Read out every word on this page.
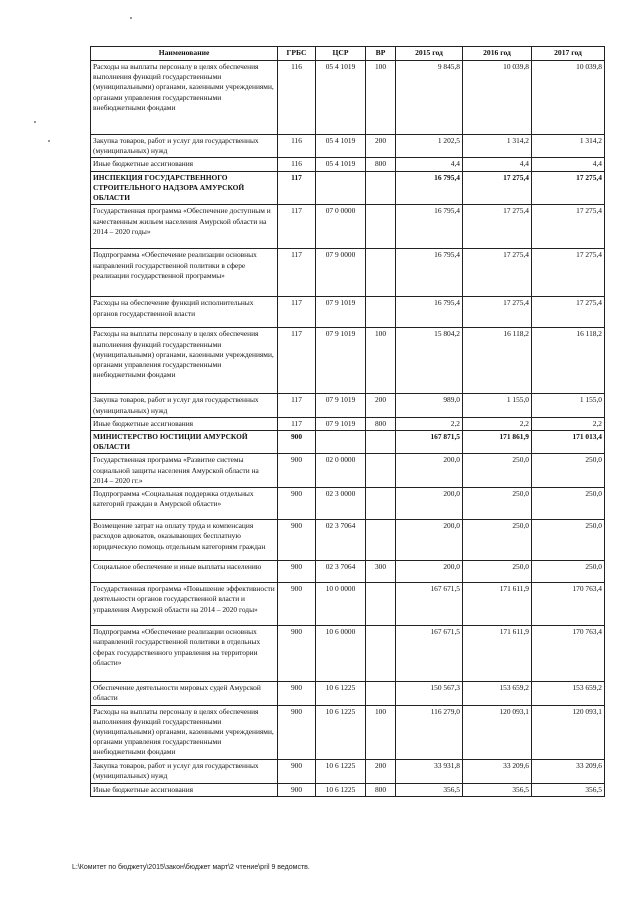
Наименование	ГРБС	ЦСР	ВР	2015 год	2016 год	2017 год
Расходы на выплаты персоналу в целях обеспечения выполнения функций государственными (муниципальными) органами, казенными учреждениями, органами управления государственными внебюджетными фондами	116	05 4 1019	100	9 845,8	10 039,8	10 039,8
Закупка товаров, работ и услуг для государственных (муниципальных) нужд	116	05 4 1019	200	1 202,5	1 314,2	1 314,2
Иные бюджетные ассигнования	116	05 4 1019	800	4,4	4,4	4,4
ИНСПЕКЦИЯ ГОСУДАРСТВЕННОГО СТРОИТЕЛЬНОГО НАДЗОРА АМУРСКОЙ ОБЛАСТИ	117			16 795,4	17 275,4	17 275,4
Государственная программа «Обеспечение доступным и качественным жильем населения Амурской области на 2014 – 2020 годы»	117	07 0 0000		16 795,4	17 275,4	17 275,4
Подпрограмма «Обеспечение реализации основных направлений государственной политики в сфере реализации государственной программы»	117	07 9 0000		16 795,4	17 275,4	17 275,4
Расходы на обеспечение функций исполнительных органов государственной власти	117	07 9 1019		16 795,4	17 275,4	17 275,4
Расходы на выплаты персоналу в целях обеспечения выполнения функций государственными (муниципальными) органами, казенными учреждениями, органами управления государственными внебюджетными фондами	117	07 9 1019	100	15 804,2	16 118,2	16 118,2
Закупка товаров, работ и услуг для государственных (муниципальных) нужд	117	07 9 1019	200	989,0	1 155,0	1 155,0
Иные бюджетные ассигнования	117	07 9 1019	800	2,2	2,2	2,2
МИНИСТЕРСТВО ЮСТИЦИИ АМУРСКОЙ ОБЛАСТИ	900			167 871,5	171 861,9	171 013,4
Государственная программа «Развитие системы социальной защиты населения Амурской области на 2014 – 2020 гг.»	900	02 0 0000		200,0	250,0	250,0
Подпрограмма «Социальная поддержка отдельных категорий граждан в Амурской области»	900	02 3 0000		200,0	250,0	250,0
Возмещение затрат на оплату труда и компенсация расходов адвокатов, оказывающих бесплатную юридическую помощь отдельным категориям граждан	900	02 3 7064		200,0	250,0	250,0
Социальное обеспечение и иные выплаты населению	900	02 3 7064	300	200,0	250,0	250,0
Государственная программа «Повышение эффективности деятельности органов государственной власти и управления Амурской области на 2014 – 2020 годы»	900	10 0 0000		167 671,5	171 611,9	170 763,4
Подпрограмма «Обеспечение реализации основных направлений государственной политики в отдельных сферах государственного управления на территории области»	900	10 6 0000		167 671,5	171 611,9	170 763,4
Обеспечение деятельности мировых судей Амурской области	900	10 6 1225		150 567,3	153 659,2	153 659,2
Расходы на выплаты персоналу в целях обеспечения выполнения функций государственными (муниципальными) органами, казенными учреждениями, органами управления государственными внебюджетными фондами	900	10 6 1225	100	116 279,0	120 093,1	120 093,1
Закупка товаров, работ и услуг для государственных (муниципальных) нужд	900	10 6 1225	200	33 931,8	33 209,6	33 209,6
Иные бюджетные ассигнования	900	10 6 1225	800	356,5	356,5	356,5
L:\Комитет по бюджету\2015\закон\бюджет март\2 чтение\pril 9 ведомств.
